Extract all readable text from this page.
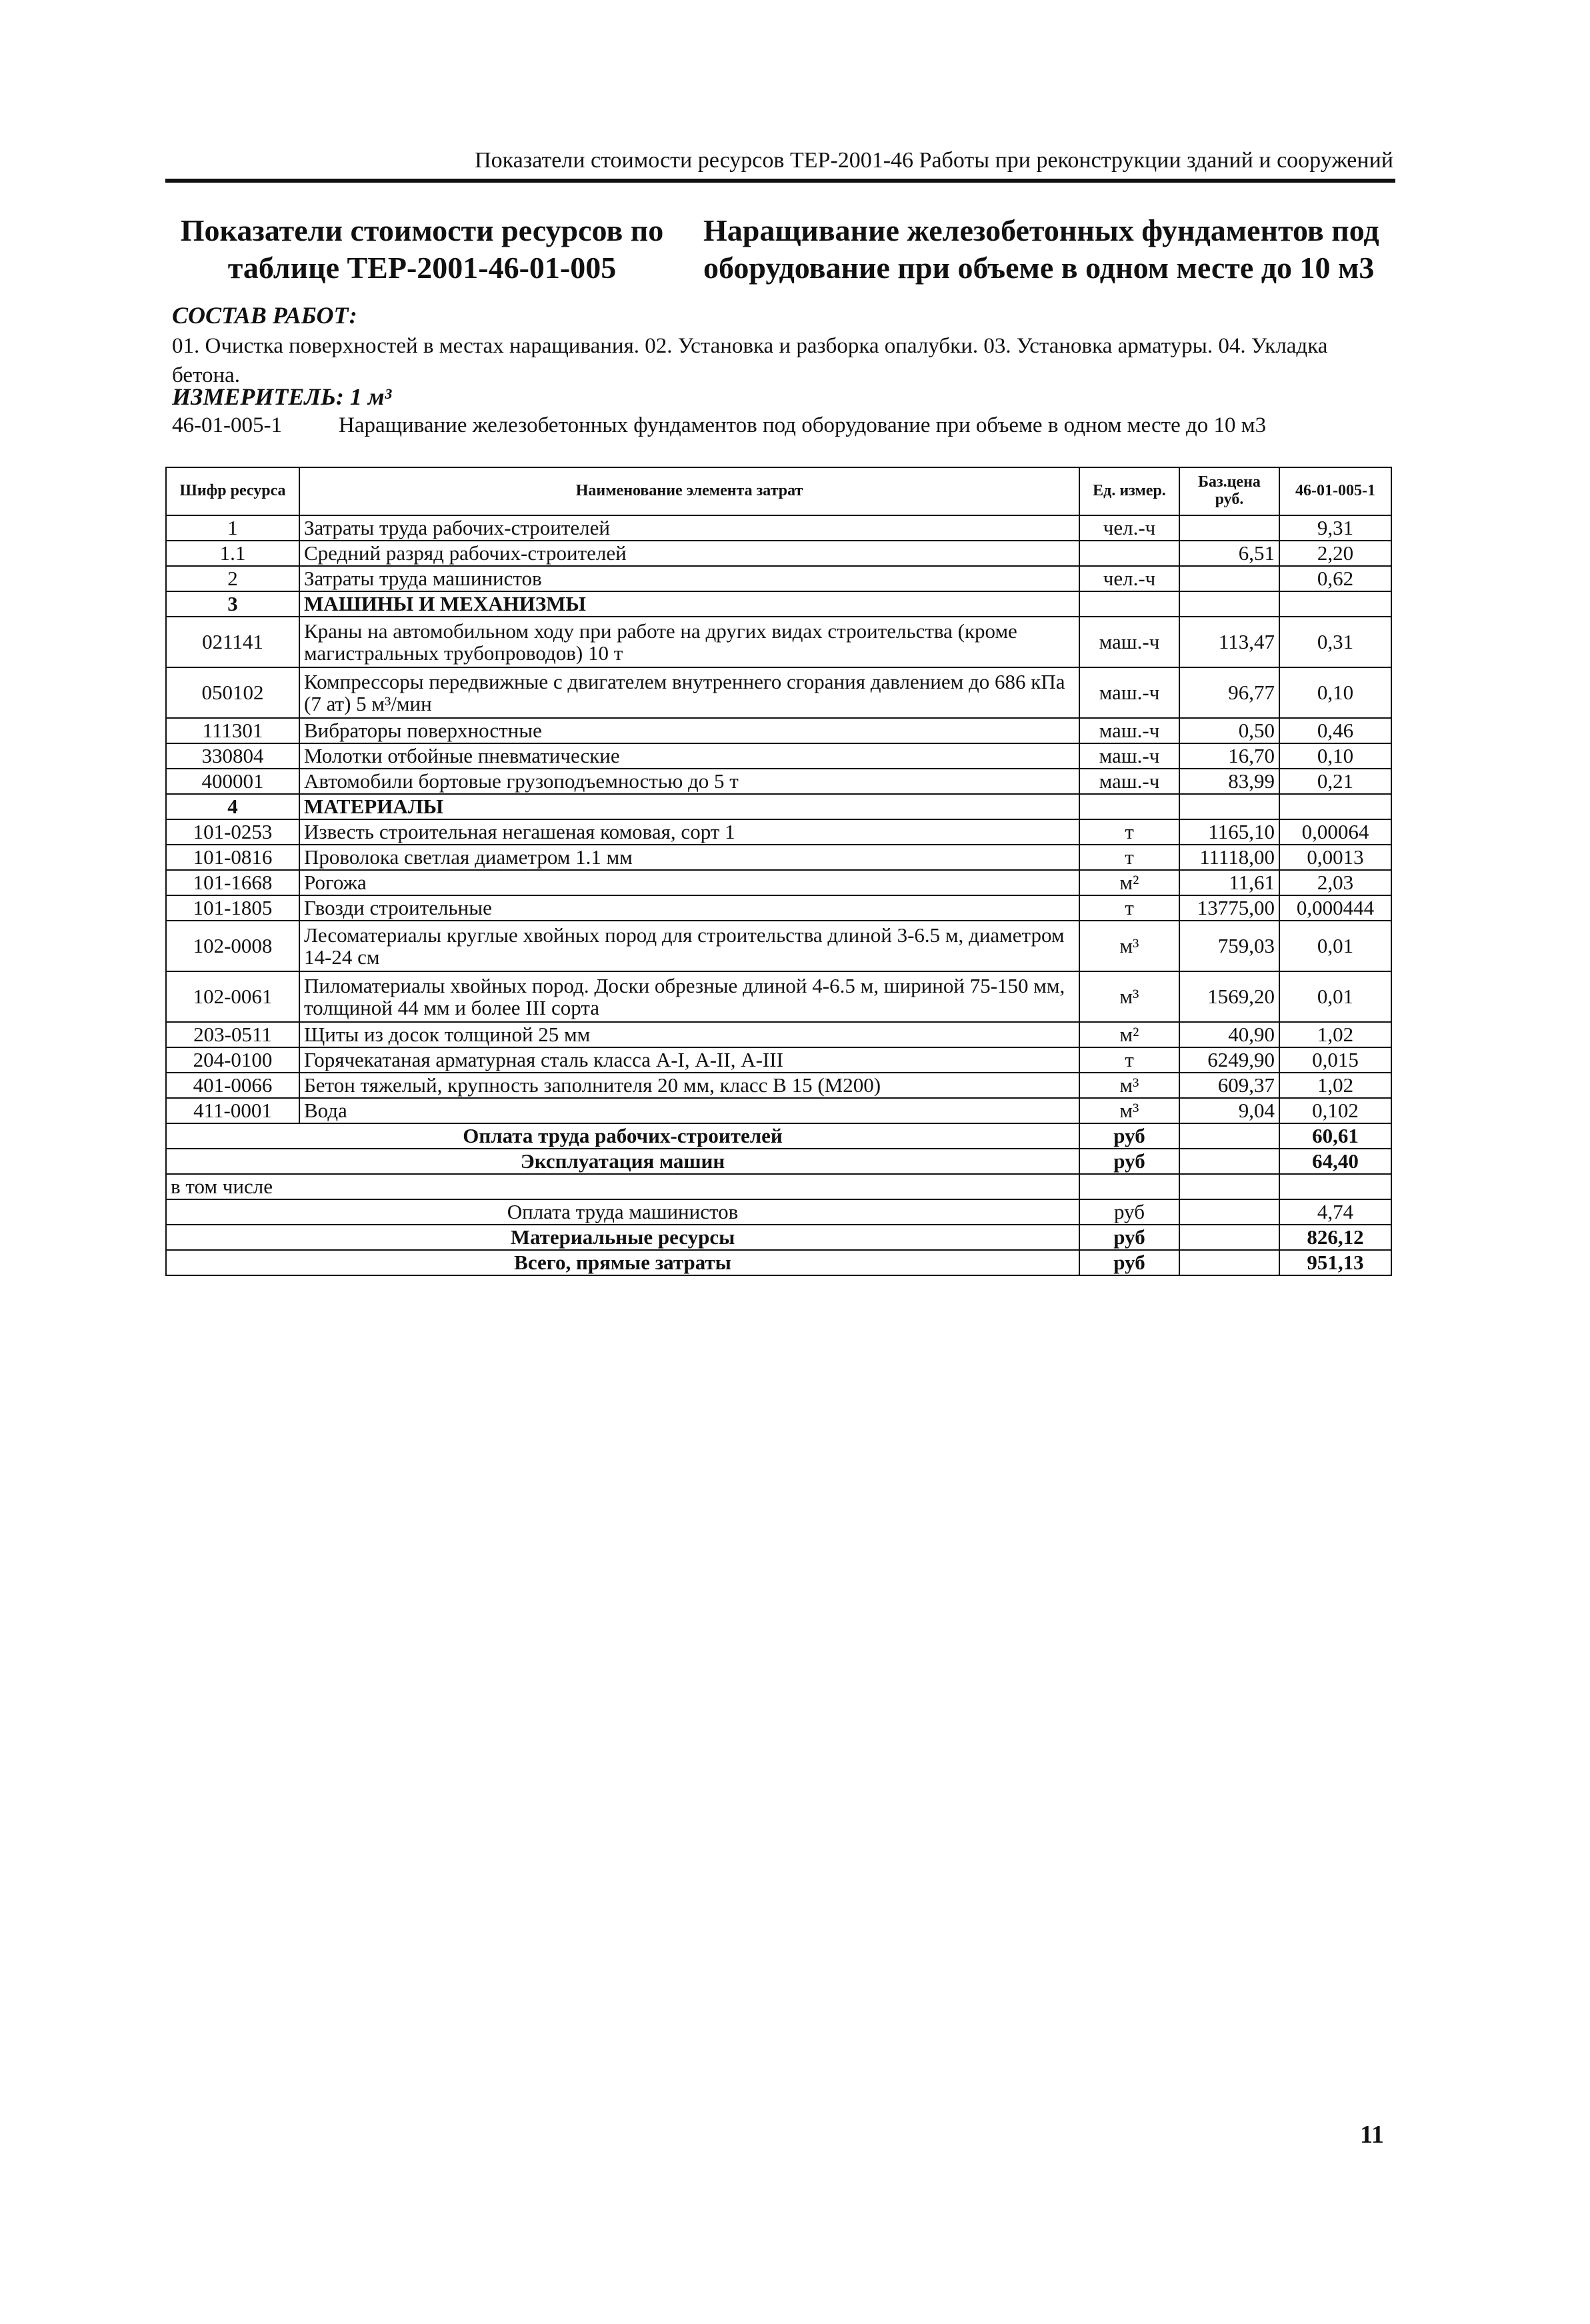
Показатели стоимости ресурсов ТЕР-2001-46 Работы при реконструкции зданий и сооружений
Показатели стоимости ресурсов по таблице ТЕР-2001-46-01-005
Наращивание железобетонных фундаментов под оборудование при объеме в одном месте до 10 м3
СОСТАВ РАБОТ:
01. Очистка поверхностей в местах наращивания. 02. Установка и разборка опалубки. 03. Установка арматуры. 04. Укладка бетона.
ИЗМЕРИТЕЛЬ: 1 м³
46-01-005-1	Наращивание железобетонных фундаментов под оборудование при объеме в одном месте до 10 м3
Шифр ресурса	Наименование элемента затрат	Ед. измер.	Баз.цена руб.	46-01-005-1
1	Затраты труда рабочих-строителей	чел.-ч		9,31
1.1	Средний разряд рабочих-строителей		6,51	2,20
2	Затраты труда машинистов	чел.-ч		0,62
3	МАШИНЫ И МЕХАНИЗМЫ			
021141	Краны на автомобильном ходу при работе на других видах строительства (кроме магистральных трубопроводов) 10 т	маш.-ч	113,47	0,31
050102	Компрессоры передвижные с двигателем внутреннего сгорания давлением до 686 кПа (7 ат) 5 м³/мин	маш.-ч	96,77	0,10
111301	Вибраторы поверхностные	маш.-ч	0,50	0,46
330804	Молотки отбойные пневматические	маш.-ч	16,70	0,10
400001	Автомобили бортовые грузоподъемностью до 5 т	маш.-ч	83,99	0,21
4	МАТЕРИАЛЫ			
101-0253	Известь строительная негашеная комовая, сорт 1	т	1165,10	0,00064
101-0816	Проволока светлая диаметром 1.1 мм	т	11118,00	0,0013
101-1668	Рогожа	м²	11,61	2,03
101-1805	Гвозди строительные	т	13775,00	0,000444
102-0008	Лесоматериалы круглые хвойных пород для строительства длиной 3-6.5 м, диаметром 14-24 см	м³	759,03	0,01
102-0061	Пиломатериалы хвойных пород. Доски обрезные длиной 4-6.5 м, шириной 75-150 мм, толщиной 44 мм и более III сорта	м³	1569,20	0,01
203-0511	Щиты из досок толщиной 25 мм	м²	40,90	1,02
204-0100	Горячекатаная арматурная сталь класса А-I, А-II, А-III	т	6249,90	0,015
401-0066	Бетон тяжелый, крупность заполнителя 20 мм, класс В 15 (М200)	м³	609,37	1,02
411-0001	Вода	м³	9,04	0,102
Оплата труда рабочих-строителей		руб		60,61
Эксплуатация машин		руб		64,40
в том числе				
Оплата труда машинистов		руб		4,74
Материальные ресурсы		руб		826,12
Всего, прямые затраты		руб		951,13
11
